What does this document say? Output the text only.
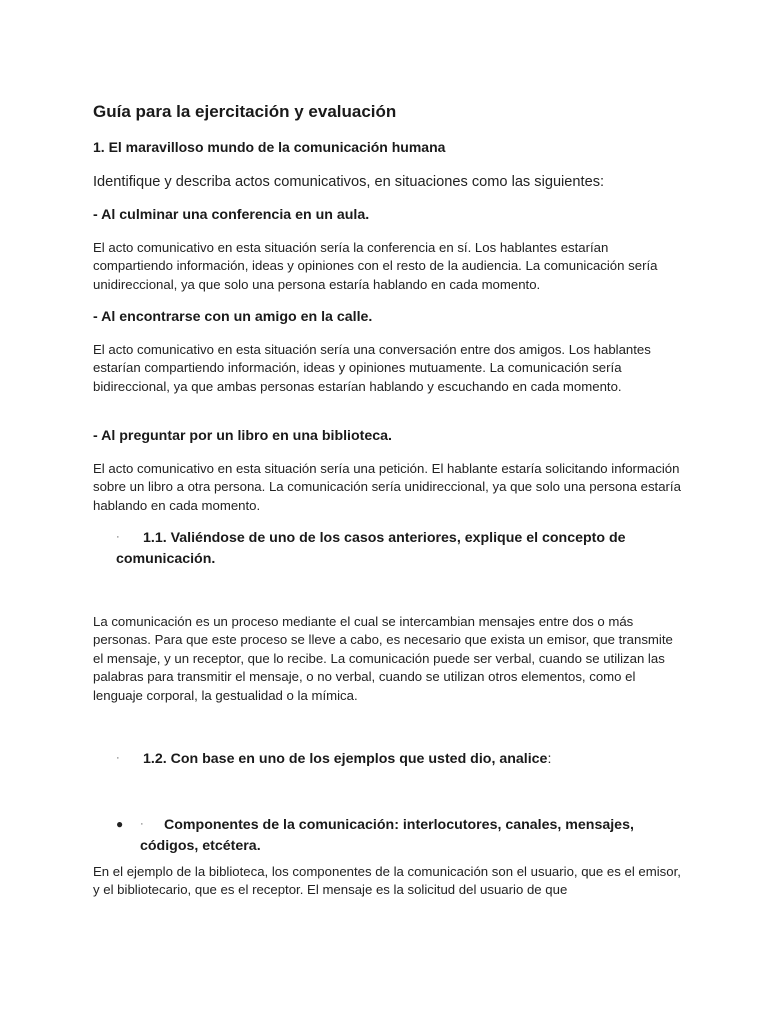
Guía para la ejercitación y evaluación
1. El maravilloso mundo de la comunicación humana

Identifique y describa actos comunicativos, en situaciones como las siguientes:

- Al culminar una conferencia en un aula.

El acto comunicativo en esta situación sería la conferencia en sí. Los hablantes estarían compartiendo información, ideas y opiniones con el resto de la audiencia. La comunicación sería unidireccional, ya que solo una persona estaría hablando en cada momento.

- Al encontrarse con un amigo en la calle.

El acto comunicativo en esta situación sería una conversación entre dos amigos. Los hablantes estarían compartiendo información, ideas y opiniones mutuamente. La comunicación sería bidireccional, ya que ambas personas estarían hablando y escuchando en cada momento.

- Al preguntar por un libro en una biblioteca.

El acto comunicativo en esta situación sería una petición. El hablante estaría solicitando información sobre un libro a otra persona. La comunicación sería unidireccional, ya que solo una persona estaría hablando en cada momento.

· 1.1. Valiéndose de uno de los casos anteriores, explique el concepto de comunicación.

La comunicación es un proceso mediante el cual se intercambian mensajes entre dos o más personas. Para que este proceso se lleve a cabo, es necesario que exista un emisor, que transmite el mensaje, y un receptor, que lo recibe. La comunicación puede ser verbal, cuando se utilizan las palabras para transmitir el mensaje, o no verbal, cuando se utilizan otros elementos, como el lenguaje corporal, la gestualidad o la mímica.

· 1.2. Con base en uno de los ejemplos que usted dio, analice:

●	· Componentes de la comunicación: interlocutores, canales, mensajes, códigos, etcétera.

En el ejemplo de la biblioteca, los componentes de la comunicación son el usuario, que es el emisor, y el bibliotecario, que es el receptor. El mensaje es la solicitud del usuario de que
